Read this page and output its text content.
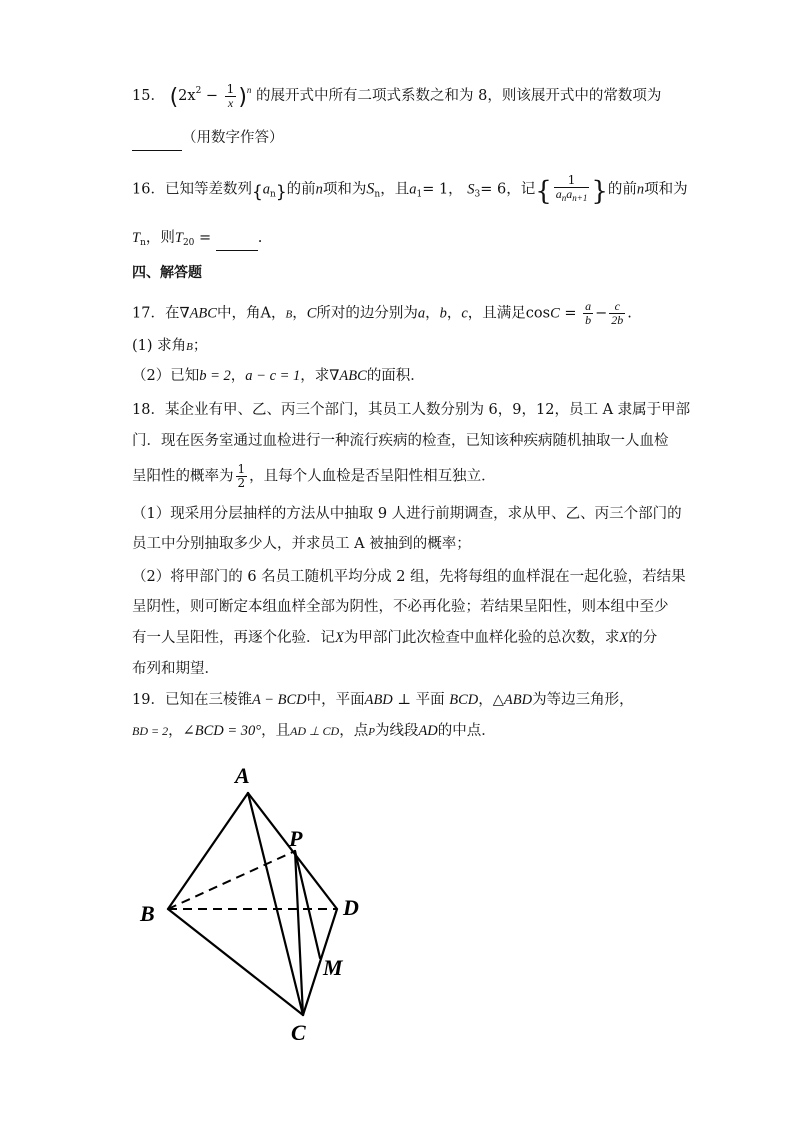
15． $(2x^2 - \frac{1}{x} )^n$ 的展开式中所有二项式系数之和为 8，则该展开式中的常数项为
（用数字作答）
16．已知等差数列$\{a_n\}$的前n项和为$S_n$，且$a_1= 1$， $S_3= 6$，记{ $\frac{1}{a_na_{n+1}}$ }的前n项和为
$T_n$，则$T_{20}$ =	.
四、解答题
17．在∇ABC中，角A，B，C所对的边分别为a，b，c，且满足$\cos C = \frac{a}{b} - \frac{c}{2b}$ .
(1) 求角B；
（2）已知b = 2，a − c = 1，求∇ABC的面积．
18．某企业有甲、乙、丙三个部门，其员工人数分别为 6，9，12，员工 A 隶属于甲部
门．现在医务室通过血检进行一种流行疾病的检查，已知该种疾病随机抽取一人血检
呈阳性的概率为 $\frac{1}{2}$ ，且每个人血检是否呈阳性相互独立．
（1）现采用分层抽样的方法从中抽取 9 人进行前期调查，求从甲、乙、丙三个部门的
员工中分别抽取多少人，并求员工 A 被抽到的概率；
（2）将甲部门的 6 名员工随机平均分成 2 组，先将每组的血样混在一起化验，若结果
呈阴性，则可断定本组血样全部为阴性，不必再化验；若结果呈阳性，则本组中至少
有一人呈阳性，再逐个化验．记X为甲部门此次检查中血样化验的总次数，求X的分
布列和期望．
19．已知在三棱锥A − BCD中，平面ABD ⊥ 平面 BCD，△ABD为等边三角形，
BD = 2，∠BCD = 30°，且AD ⊥ CD，点P为线段AD的中点．
A
B
C
D
P
M
